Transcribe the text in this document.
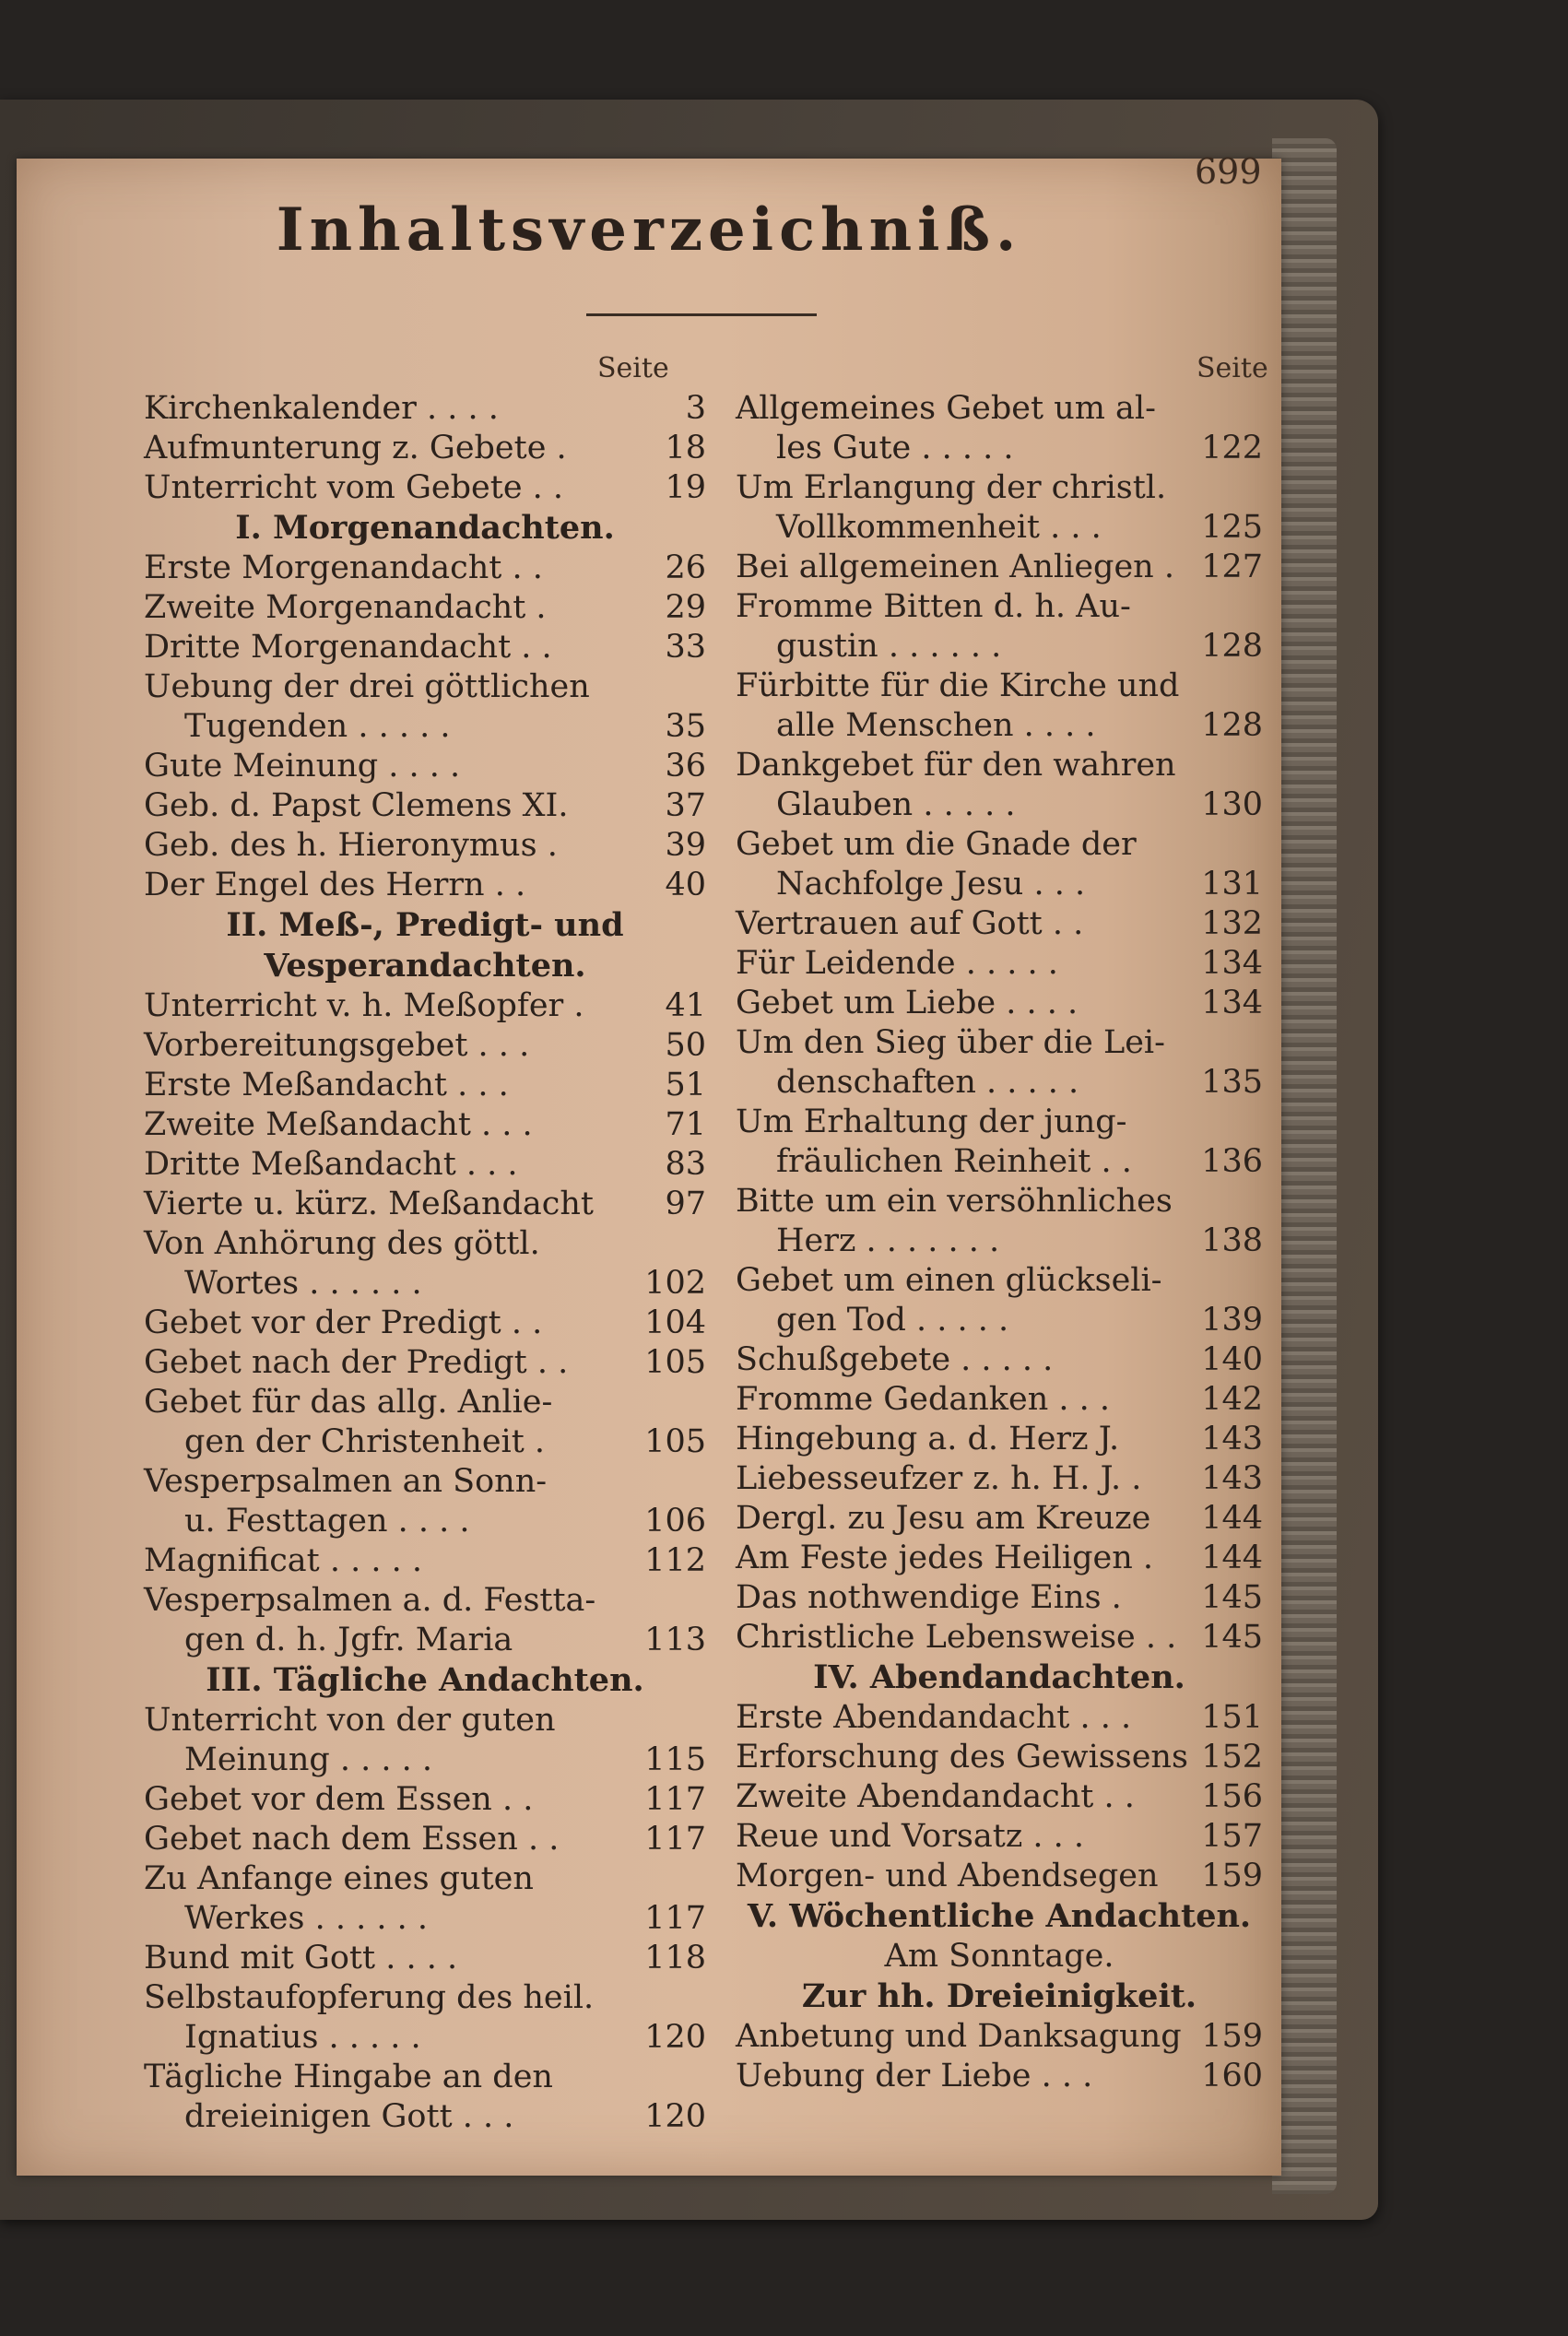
699
Inhaltsverzeichniß.
Seite	Seite
Kirchenkalender . . . .	3
Aufmunterung z. Gebete .	18
Unterricht vom Gebete . .	19
I. Morgenandachten.
Erste Morgenandacht . .	26
Zweite Morgenandacht .	29
Dritte Morgenandacht . .	33
Uebung der drei göttlichen
Tugenden . . . . .	35
Gute Meinung . . . .	36
Geb. d. Papst Clemens XI.	37
Geb. des h. Hieronymus .	39
Der Engel des Herrn . .	40
II. Meß-, Predigt- und
Vesperandachten.
Unterricht v. h. Meßopfer .	41
Vorbereitungsgebet . . .	50
Erste Meßandacht . . .	51
Zweite Meßandacht . . .	71
Dritte Meßandacht . . .	83
Vierte u. kürz. Meßandacht 97
Von Anhörung des göttl.
Wortes . . . . . .	102
Gebet vor der Predigt . .	104
Gebet nach der Predigt . . 105
Gebet für das allg. Anlie-
gen der Christenheit .	105
Vesperpsalmen an Sonn-
u. Festtagen . . . .	106
Magnificat . . . . .	112
Vesperpsalmen a. d. Festta-
gen d. h. Jgfr. Maria	113
III. Tägliche Andachten.
Unterricht von der guten
Meinung . . . . .	115
Gebet vor dem Essen . .	117
Gebet nach dem Essen . .	117
Zu Anfange eines guten
Werkes . . . . . .	117
Bund mit Gott . . . .	118
Selbstaufopferung des heil.
Ignatius . . . . .	120
Tägliche Hingabe an den
dreieinigen Gott . . .	120
Allgemeines Gebet um al-
les Gute . . . . .	122
Um Erlangung der christl.
Vollkommenheit . . .	125
Bei allgemeinen Anliegen . 127
Fromme Bitten d. h. Au-
gustin . . . . . .	128
Fürbitte für die Kirche und
alle Menschen . . . .	128
Dankgebet für den wahren
Glauben . . . . .	130
Gebet um die Gnade der
Nachfolge Jesu . . .	131
Vertrauen auf Gott . .	132
Für Leidende . . . . .	134
Gebet um Liebe . . . .	134
Um den Sieg über die Lei-
denschaften . . . . .	135
Um Erhaltung der jung-
fräulichen Reinheit . . 136
Bitte um ein versöhnliches
Herz . . . . . . .	138
Gebet um einen glückseli-
gen Tod . . . . .	139
Schußgebete . . . . .	140
Fromme Gedanken . . .	142
Hingebung a. d. Herz J.	143
Liebesseufzer z. h. H. J. . 143
Dergl. zu Jesu am Kreuze 144
Am Feste jedes Heiligen . 144
Das nothwendige Eins . 145
Christliche Lebensweise . . 145
IV. Abendandachten.
Erste Abendandacht . . . 151
Erforschung des Gewissens 152
Zweite Abendandacht . . 156
Reue und Vorsatz . . .	157
Morgen- und Abendsegen 159
V. Wöchentliche Andachten.
Am Sonntage.
Zur hh. Dreieinigkeit.
Anbetung und Danksagung 159
Uebung der Liebe . . .	160
